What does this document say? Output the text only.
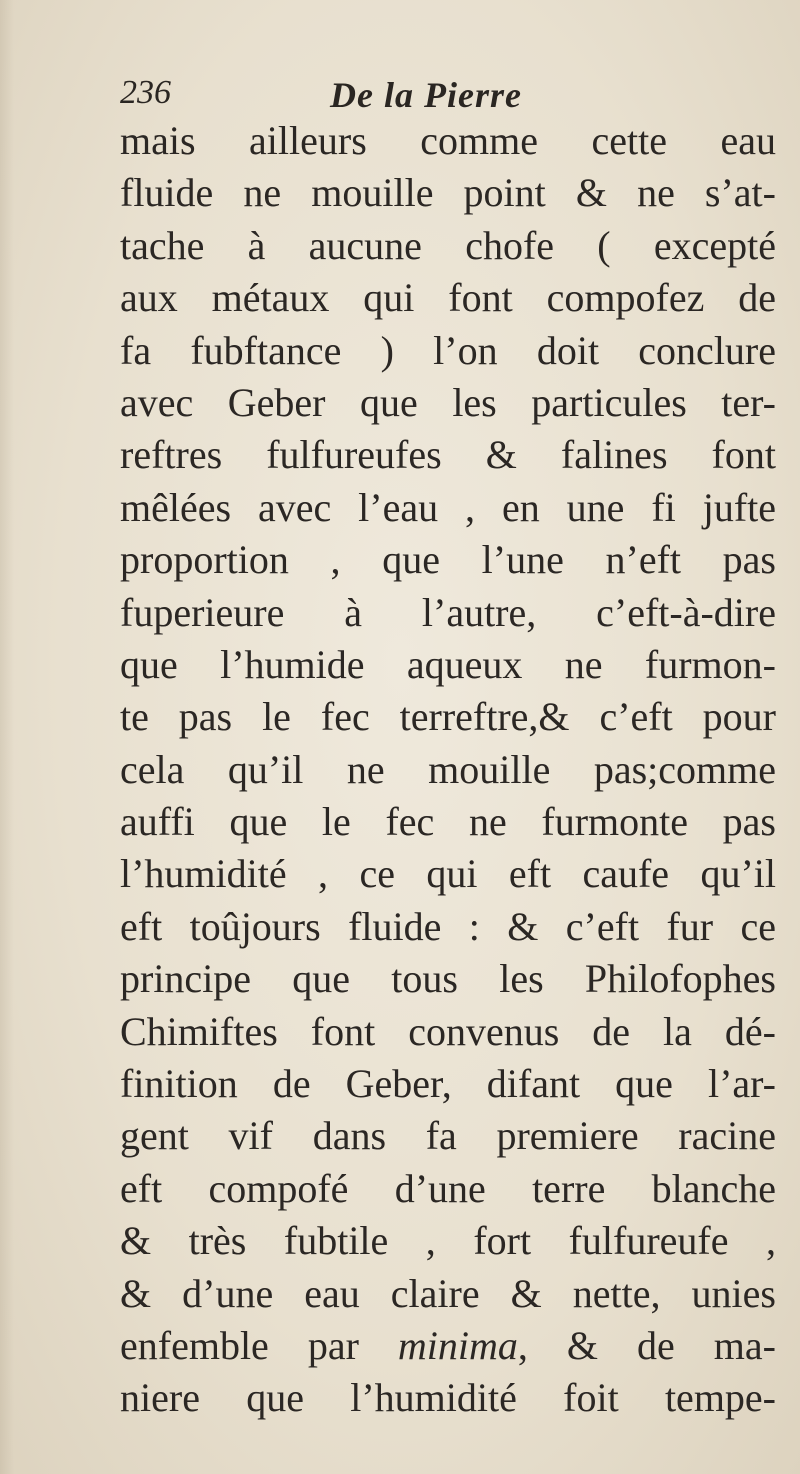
236	De la Pierre
mais ailleurs comme cette eau
fluide ne mouille point & ne s’at-
tache à aucune chofe ( excepté
aux métaux qui font compofez de
fa fubftance ) l’on doit conclure
avec Geber que les particules ter-
reftres fulfureufes & falines font
mêlées avec l’eau , en une fi jufte
proportion , que l’une n’eft pas
fuperieure à l’autre, c’eft-à-dire
que l’humide aqueux ne furmon-
te pas le fec terreftre,& c’eft pour
cela qu’il ne mouille pas;comme
auffi que le fec ne furmonte pas
l’humidité , ce qui eft caufe qu’il
eft toûjours fluide : & c’eft fur ce
principe que tous les Philofophes
Chimiftes font convenus de la dé-
finition de Geber, difant que l’ar-
gent vif dans fa premiere racine
eft compofé d’une terre blanche
& très fubtile , fort fulfureufe ,
& d’une eau claire & nette, unies
enfemble par minima, & de ma-
niere que l’humidité foit tempe-
